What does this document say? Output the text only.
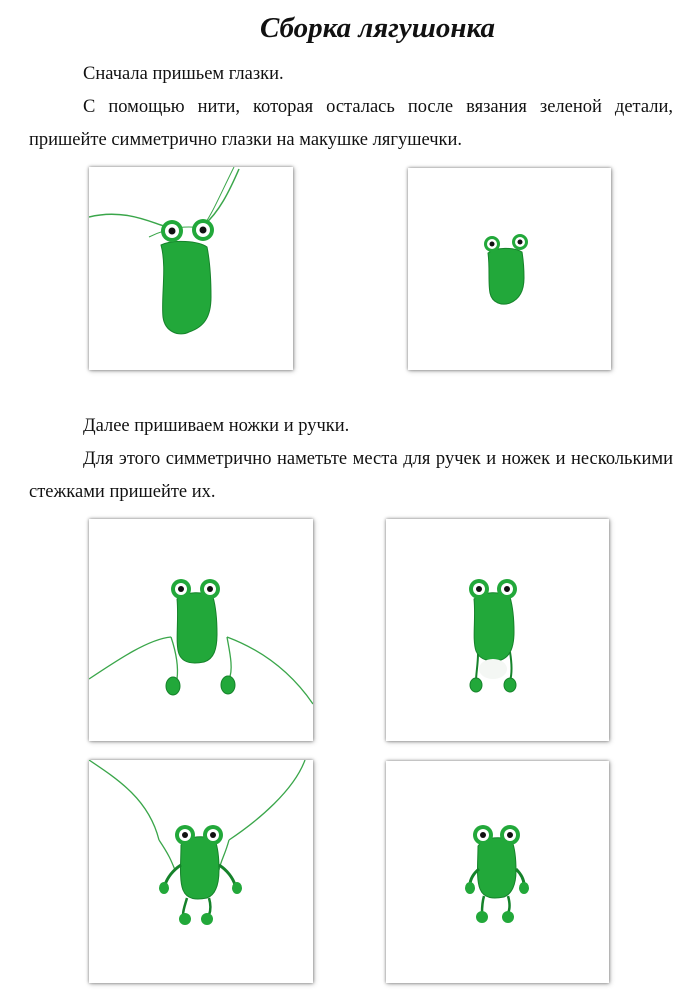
Сборка лягушонка

Сначала пришьем глазки.

С помощью нити, которая осталась после вязания зеленой детали, пришейте симметрично глазки на макушке лягушечки.

Далее пришиваем ножки и ручки.

Для этого симметрично наметьте места для ручек и ножек и несколькими стежками пришейте их.
